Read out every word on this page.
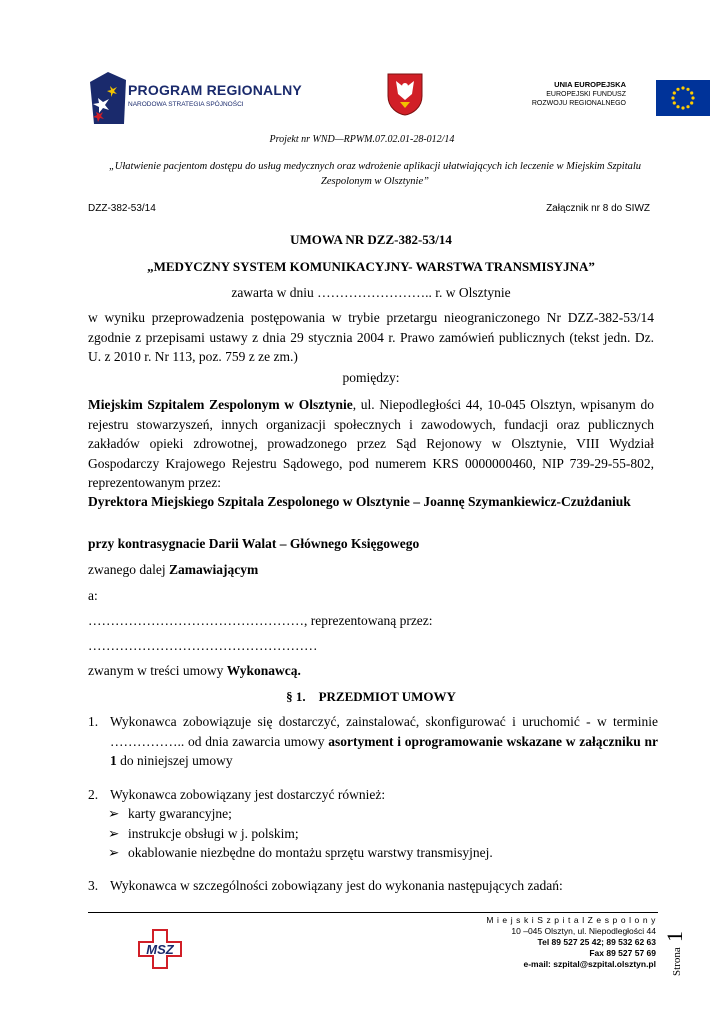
PROGRAM REGIONALNY
NARODOWA STRATEGIA SPÓJNOŚCI
UNIA EUROPEJSKA
EUROPEJSKI FUNDUSZ
ROZWOJU REGIONALNEGO
Projekt nr WND—RPWM.07.02.01-28-012/14
„Ułatwienie pacjentom dostępu do usług medycznych oraz wdrożenie aplikacji ułatwiających ich leczenie w Miejskim Szpitalu Zespolonym w Olsztynie”
DZZ-382-53/14	Załącznik nr 8 do SIWZ
UMOWA NR DZZ-382-53/14
„MEDYCZNY SYSTEM KOMUNIKACYJNY- WARSTWA TRANSMISYJNA”
zawarta w dniu …………………….. r. w Olsztynie
w wyniku przeprowadzenia postępowania w trybie przetargu nieograniczonego Nr DZZ-382-53/14 zgodnie z przepisami ustawy z dnia 29 stycznia 2004 r. Prawo zamówień publicznych (tekst jedn. Dz. U. z 2010 r. Nr 113, poz. 759 z ze zm.)
pomiędzy:
Miejskim Szpitalem Zespolonym w Olsztynie, ul. Niepodległości 44, 10-045 Olsztyn, wpisanym do rejestru stowarzyszeń, innych organizacji społecznych i zawodowych, fundacji oraz publicznych zakładów opieki zdrowotnej, prowadzonego przez Sąd Rejonowy w Olsztynie, VIII Wydział Gospodarczy Krajowego Rejestru Sądowego, pod numerem KRS 0000000460, NIP 739-29-55-802, reprezentowanym przez:
Dyrektora Miejskiego Szpitala Zespolonego w Olsztynie – Joannę Szymankiewicz-Czużdaniuk
przy kontrasygnacie Darii Walat – Głównego Księgowego
zwanego dalej Zamawiającym
a:
…………………………………………, reprezentowaną przez:
……………………………………………
zwanym w treści umowy Wykonawcą.
§ 1.    PRZEDMIOT UMOWY
1. Wykonawca zobowiązuje się dostarczyć, zainstalować, skonfigurować i uruchomić - w terminie …………….. od dnia zawarcia umowy asortyment i oprogramowanie wskazane w załączniku nr 1 do niniejszej umowy
2. Wykonawca zobowiązany jest dostarczyć również:
➢ karty gwarancyjne;
➢ instrukcje obsługi w j. polskim;
➢ okablowanie niezbędne do montażu sprzętu warstwy transmisyjnej.
3. Wykonawca w szczególności zobowiązany jest do wykonania następujących zadań:
MSZ
M i e j s k i S z p i t a l Z e s p o l o n y
10 –045 Olsztyn, ul. Niepodległości 44
Tel 89 527 25 42; 89 532 62 63
Fax 89 527 57 69
e-mail: szpital@szpital.olsztyn.pl Strona
1
